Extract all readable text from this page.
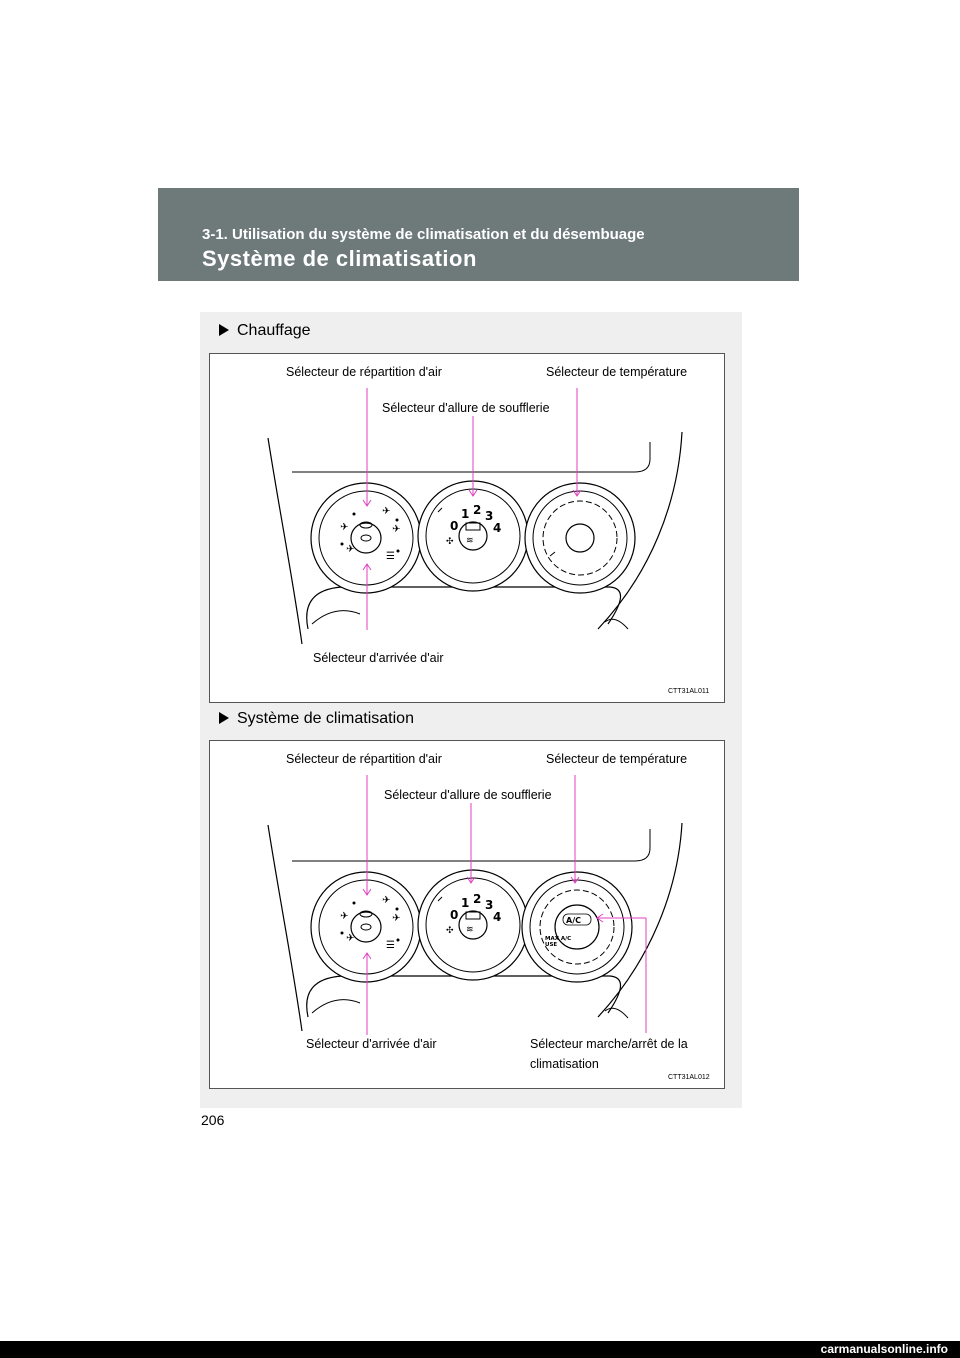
3-1. Utilisation du système de climatisation et du désembuage
Système de climatisation
Chauffage
✈
✈
✈
✈
☰
≋
0
1 2 3
4
✣
Sélecteur de répartition d'air	Sélecteur de température
Sélecteur d'allure de soufflerie
Sélecteur d'arrivée d'air
CTT31AL011
Système de climatisation
✈
✈
✈
✈
☰
≋
0
1 2 3
4
✣
A/C
MAX A/C
USE
Sélecteur de répartition d'air	Sélecteur de température
Sélecteur d'allure de soufflerie
Sélecteur d'arrivée d'air	Sélecteur marche/arrêt de la
climatisation
CTT31AL012
206
carmanualsonline.info
